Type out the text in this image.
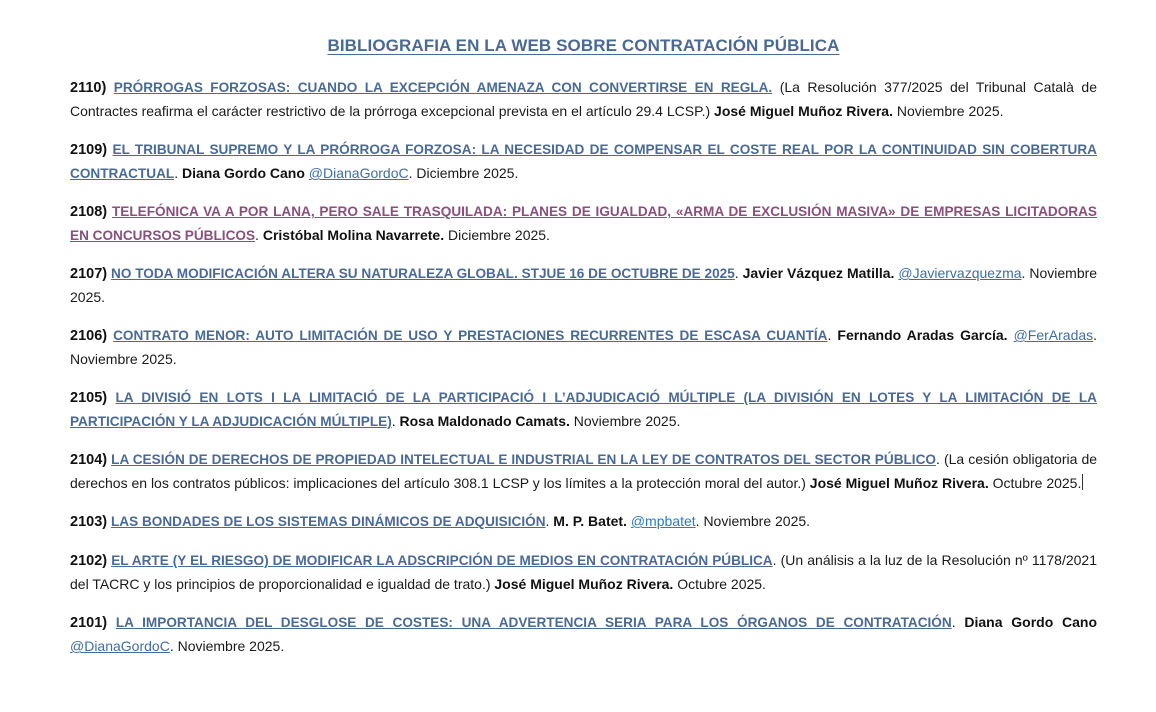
BIBLIOGRAFIA EN LA WEB SOBRE CONTRATACIÓN PÚBLICA

2110) PRÓRROGAS FORZOSAS: CUANDO LA EXCEPCIÓN AMENAZA CON CONVERTIRSE EN REGLA. (La Resolución 377/2025 del Tribunal Català de Contractes reafirma el carácter restrictivo de la prórroga excepcional prevista en el artículo 29.4 LCSP.) José Miguel Muñoz Rivera. Noviembre 2025.

2109) EL TRIBUNAL SUPREMO Y LA PRÓRROGA FORZOSA: LA NECESIDAD DE COMPENSAR EL COSTE REAL POR LA CONTINUIDAD SIN COBERTURA CONTRACTUAL. Diana Gordo Cano @DianaGordoC. Diciembre 2025.

2108) TELEFÓNICA VA A POR LANA, PERO SALE TRASQUILADA: PLANES DE IGUALDAD, «ARMA DE EXCLUSIÓN MASIVA» DE EMPRESAS LICITADORAS EN CONCURSOS PÚBLICOS. Cristóbal Molina Navarrete. Diciembre 2025.

2107) NO TODA MODIFICACIÓN ALTERA SU NATURALEZA GLOBAL. STJUE 16 DE OCTUBRE DE 2025. Javier Vázquez Matilla. @Javiervazquezma. Noviembre 2025.

2106) CONTRATO MENOR: AUTO LIMITACIÓN DE USO Y PRESTACIONES RECURRENTES DE ESCASA CUANTÍA. Fernando Aradas García. @FerAradas. Noviembre 2025.

2105) LA DIVISIÓ EN LOTS I LA LIMITACIÓ DE LA PARTICIPACIÓ I L’ADJUDICACIÓ MÚLTIPLE (LA DIVISIÓN EN LOTES Y LA LIMITACIÓN DE LA PARTICIPACIÓN Y LA ADJUDICACIÓN MÚLTIPLE). Rosa Maldonado Camats. Noviembre 2025.

2104) LA CESIÓN DE DERECHOS DE PROPIEDAD INTELECTUAL E INDUSTRIAL EN LA LEY DE CONTRATOS DEL SECTOR PÚBLICO. (La cesión obligatoria de derechos en los contratos públicos: implicaciones del artículo 308.1 LCSP y los límites a la protección moral del autor.) José Miguel Muñoz Rivera. Octubre 2025.

2103) LAS BONDADES DE LOS SISTEMAS DINÁMICOS DE ADQUISICIÓN. M. P. Batet. @mpbatet. Noviembre 2025.

2102) EL ARTE (Y EL RIESGO) DE MODIFICAR LA ADSCRIPCIÓN DE MEDIOS EN CONTRATACIÓN PÚBLICA. (Un análisis a la luz de la Resolución nº 1178/2021 del TACRC y los principios de proporcionalidad e igualdad de trato.) José Miguel Muñoz Rivera. Octubre 2025.

2101) LA IMPORTANCIA DEL DESGLOSE DE COSTES: UNA ADVERTENCIA SERIA PARA LOS ÓRGANOS DE CONTRATACIÓN. Diana Gordo Cano @DianaGordoC. Noviembre 2025.
